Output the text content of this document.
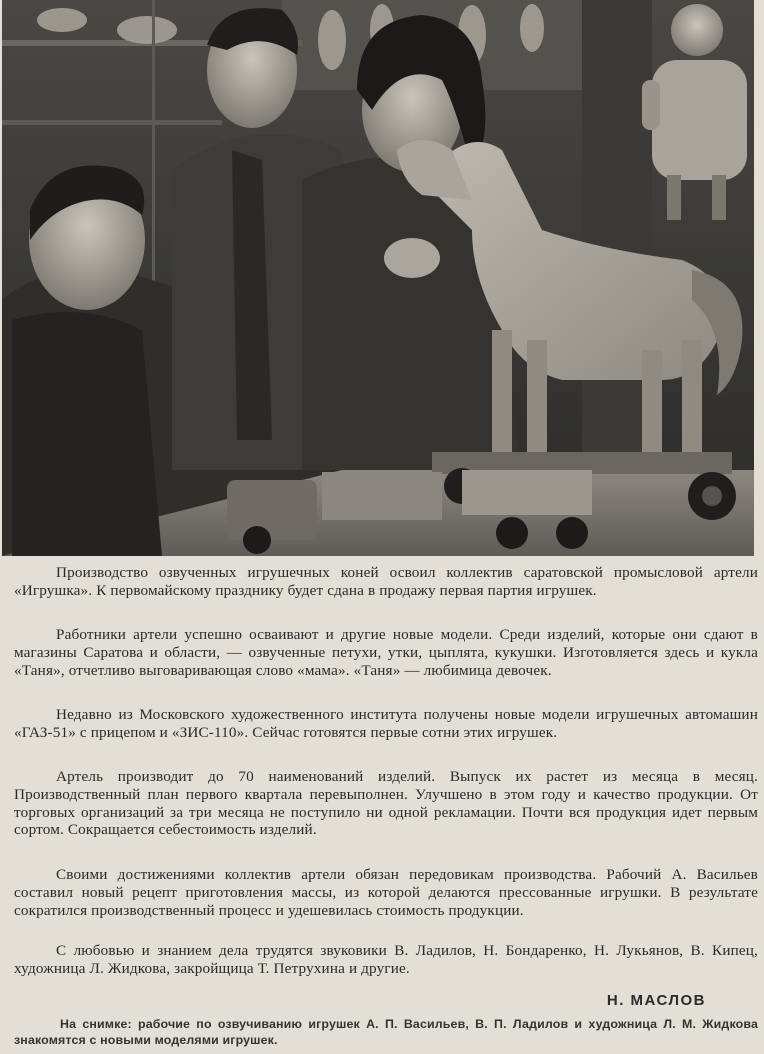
Производство озвученных игрушечных коней освоил коллектив саратовской промысловой артели «Игрушка». К первомайскому празднику будет сдана в продажу первая партия игрушек.

Работники артели успешно осваивают и другие новые модели. Среди изделий, которые они сдают в магазины Саратова и области, — озвученные петухи, утки, цыплята, кукушки. Изготовляется здесь и кукла «Таня», отчетливо выговаривающая слово «мама». «Таня» — любимица девочек.

Недавно из Московского художественного института получены новые модели игрушечных автомашин «ГАЗ-51» с прицепом и «ЗИС-110». Сейчас готовятся первые сотни этих игрушек.

Артель производит до 70 наименований изделий. Выпуск их растет из месяца в месяц. Производственный план первого квартала перевыполнен. Улучшено в этом году и качество продукции. От торговых организаций за три месяца не поступило ни одной рекламации. Почти вся продукция идет первым сортом. Сокращается себестоимость изделий.

Своими достижениями коллектив артели обязан передовикам производства. Рабочий А. Васильев составил новый рецепт приготовления массы, из которой делаются прессованные игрушки. В результате сократился производственный процесс и удешевилась стоимость продукции.

С любовью и знанием дела трудятся звуковики В. Ладилов, Н. Бондаренко, Н. Лукьянов, В. Кипец, художница Л. Жидкова, закройщица Т. Петрухина и другие.

Н. МАСЛОВ
На снимке: рабочие по озвучиванию игрушек А. П. Васильев, В. П. Ладилов и художница Л. М. Жидкова знакомятся с новыми моделями игрушек.
